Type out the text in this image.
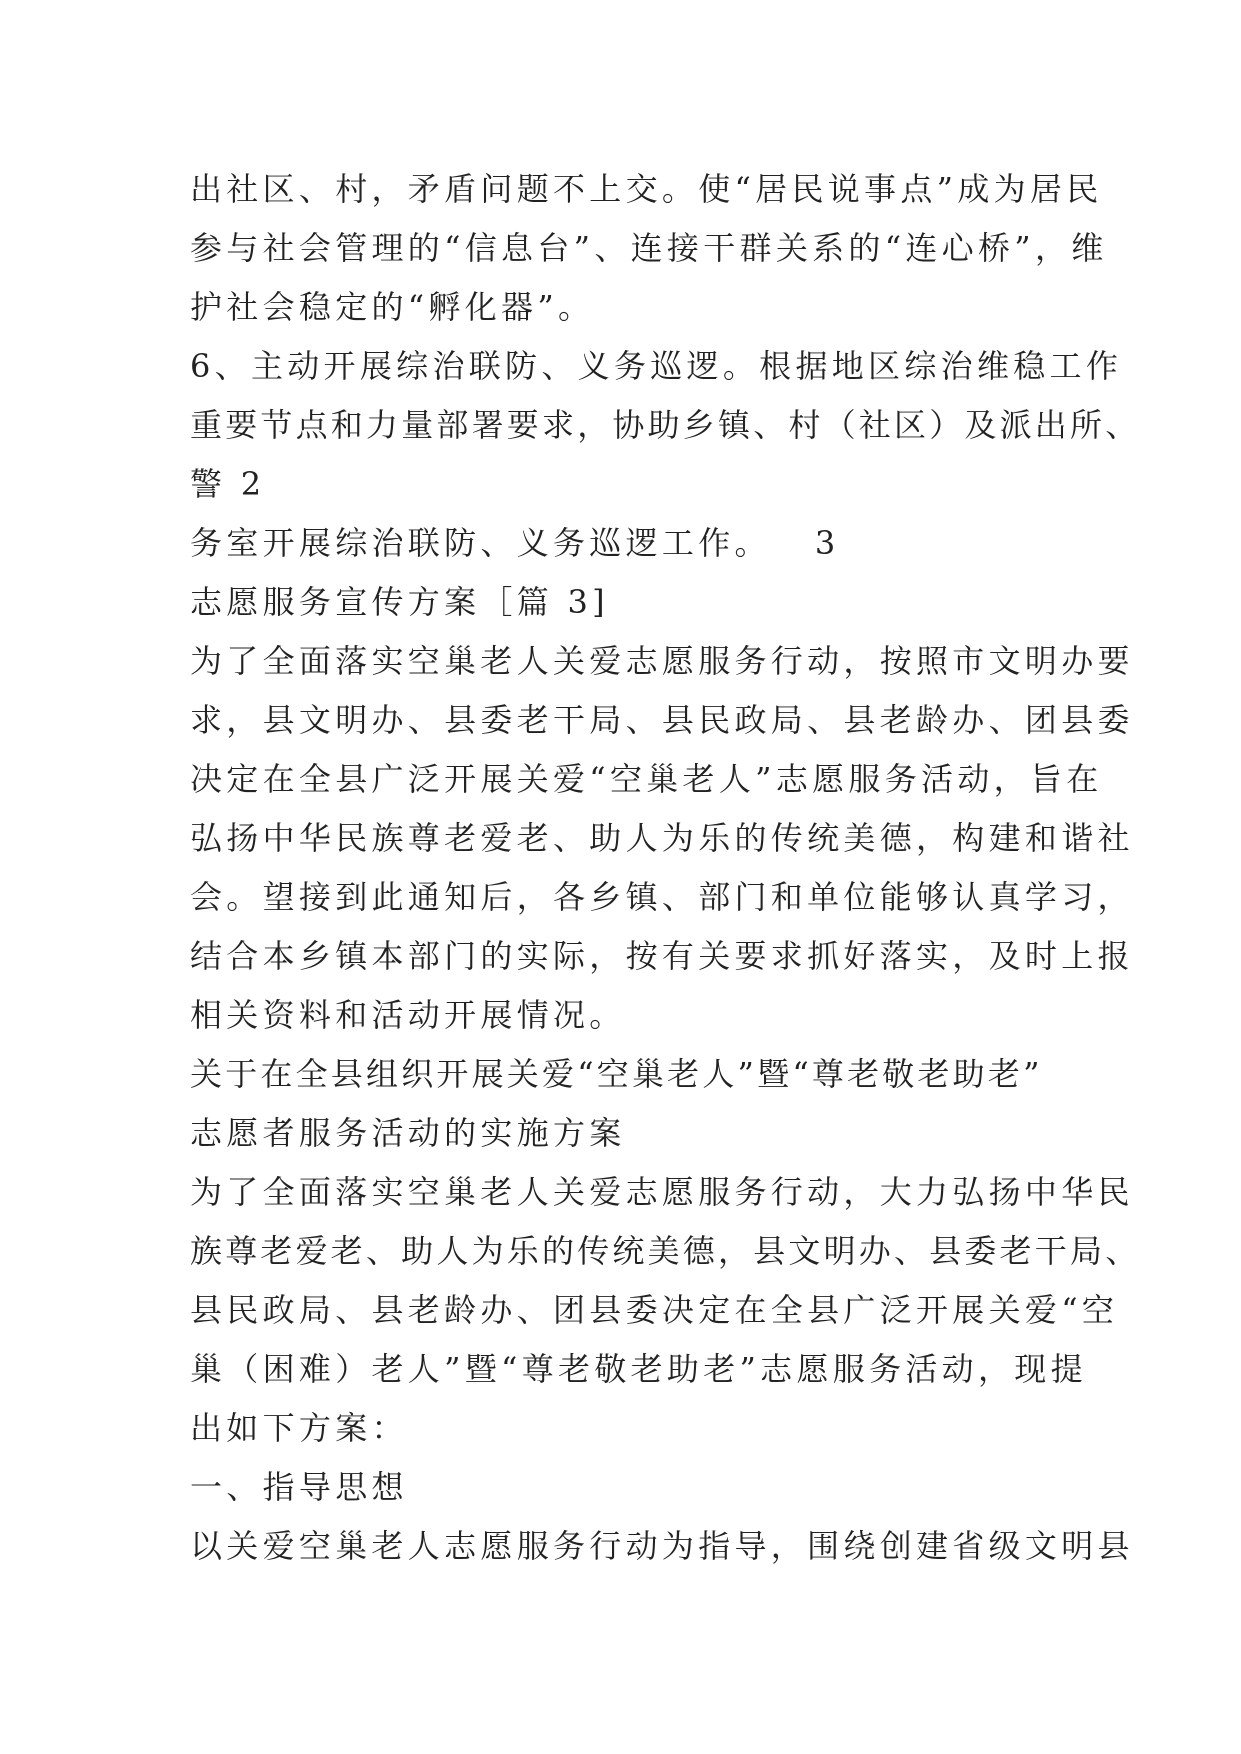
出社区、村，矛盾问题不上交。使“居民说事点”成为居民
参与社会管理的“信息台”、连接干群关系的“连心桥”，维
护社会稳定的“孵化器”。
6、主动开展综治联防、义务巡逻。根据地区综治维稳工作
重要节点和力量部署要求，协助乡镇、村（社区）及派出所、
警 2
务室开展综治联防、义务巡逻工作。 3
志愿服务宣传方案［篇 3]
为了全面落实空巢老人关爱志愿服务行动，按照市文明办要
求，县文明办、县委老干局、县民政局、县老龄办、团县委
决定在全县广泛开展关爱“空巢老人”志愿服务活动，旨在
弘扬中华民族尊老爱老、助人为乐的传统美德，构建和谐社
会。望接到此通知后，各乡镇、部门和单位能够认真学习，
结合本乡镇本部门的实际，按有关要求抓好落实，及时上报
相关资料和活动开展情况。
关于在全县组织开展关爱“空巢老人”暨“尊老敬老助老”
志愿者服务活动的实施方案
为了全面落实空巢老人关爱志愿服务行动，大力弘扬中华民
族尊老爱老、助人为乐的传统美德，县文明办、县委老干局、
县民政局、县老龄办、团县委决定在全县广泛开展关爱“空
巢（困难）老人”暨“尊老敬老助老”志愿服务活动，现提
出如下方案：
一、指导思想
以关爱空巢老人志愿服务行动为指导，围绕创建省级文明县
